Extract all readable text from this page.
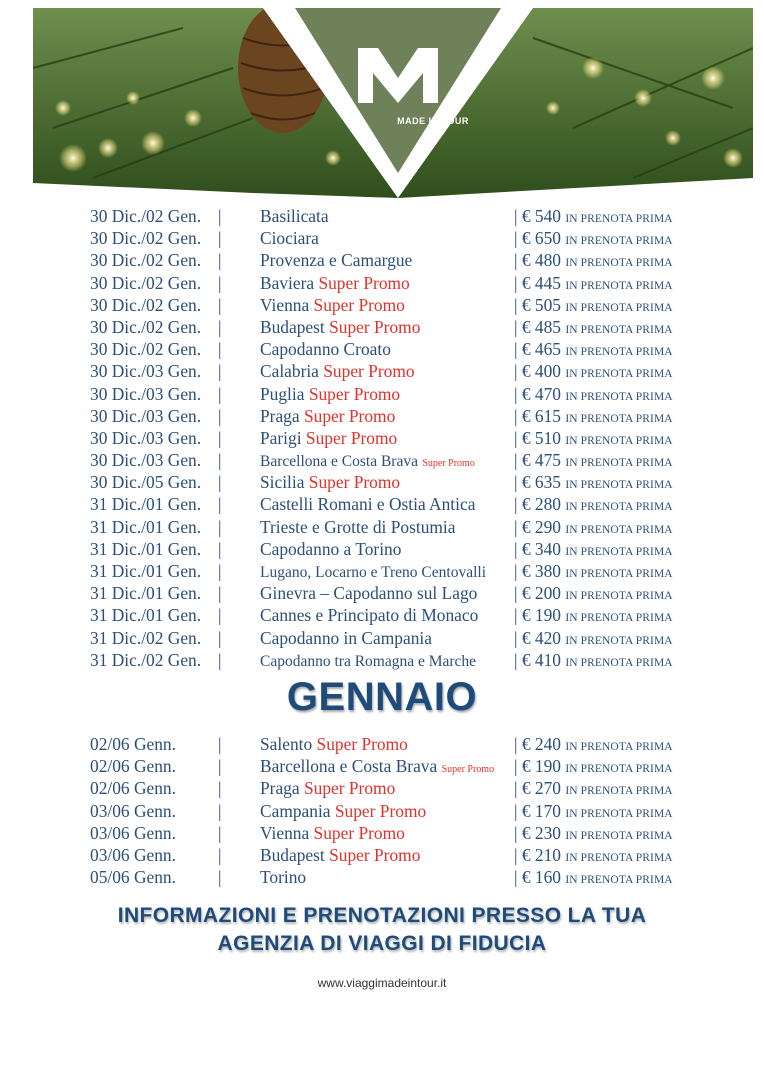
MADE IN TOUR
30 Dic./02 Gen. | Basilicata	| € 540 IN PRENOTA PRIMA
30 Dic./02 Gen. | Ciociara	| € 650 IN PRENOTA PRIMA
30 Dic./02 Gen. | Provenza e Camargue	| € 480 IN PRENOTA PRIMA
30 Dic./02 Gen. | Baviera Super Promo	| € 445 IN PRENOTA PRIMA
30 Dic./02 Gen. | Vienna Super Promo	| € 505 IN PRENOTA PRIMA
30 Dic./02 Gen. | Budapest Super Promo	| € 485 IN PRENOTA PRIMA
30 Dic./02 Gen. | Capodanno Croato	| € 465 IN PRENOTA PRIMA
30 Dic./03 Gen. | Calabria Super Promo	| € 400 IN PRENOTA PRIMA
30 Dic./03 Gen. | Puglia Super Promo	| € 470 IN PRENOTA PRIMA
30 Dic./03 Gen. | Praga Super Promo	| € 615 IN PRENOTA PRIMA
30 Dic./03 Gen. | Parigi Super Promo	| € 510 IN PRENOTA PRIMA
30 Dic./03 Gen. | Barcellona e Costa Brava Super Promo | € 475 IN PRENOTA PRIMA
30 Dic./05 Gen. | Sicilia Super Promo	| € 635 IN PRENOTA PRIMA
31 Dic./01 Gen. | Castelli Romani e Ostia Antica | € 280 IN PRENOTA PRIMA
31 Dic./01 Gen. | Trieste e Grotte di Postumia	| € 290 IN PRENOTA PRIMA
31 Dic./01 Gen. | Capodanno a Torino	| € 340 IN PRENOTA PRIMA
31 Dic./01 Gen. | Lugano, Locarno e Treno Centovalli | € 380 IN PRENOTA PRIMA
31 Dic./01 Gen. | Ginevra – Capodanno sul Lago | € 200 IN PRENOTA PRIMA
31 Dic./01 Gen. | Cannes e Principato di Monaco | € 190 IN PRENOTA PRIMA
31 Dic./02 Gen. | Capodanno in Campania	| € 420 IN PRENOTA PRIMA
31 Dic./02 Gen. | Capodanno tra Romagna e Marche | € 410 IN PRENOTA PRIMA
GENNAIO
02/06 Genn. | Salento Super Promo	| € 240 IN PRENOTA PRIMA
02/06 Genn. | Barcellona e Costa Brava Super Promo | € 190 IN PRENOTA PRIMA
02/06 Genn. | Praga Super Promo	| € 270 IN PRENOTA PRIMA
03/06 Genn. | Campania Super Promo	| € 170 IN PRENOTA PRIMA
03/06 Genn. | Vienna Super Promo	| € 230 IN PRENOTA PRIMA
03/06 Genn. | Budapest Super Promo	| € 210 IN PRENOTA PRIMA
05/06 Genn. | Torino	| € 160 IN PRENOTA PRIMA
INFORMAZIONI E PRENOTAZIONI PRESSO LA TUA
AGENZIA DI VIAGGI DI FIDUCIA
www.viaggimadeintour.it
